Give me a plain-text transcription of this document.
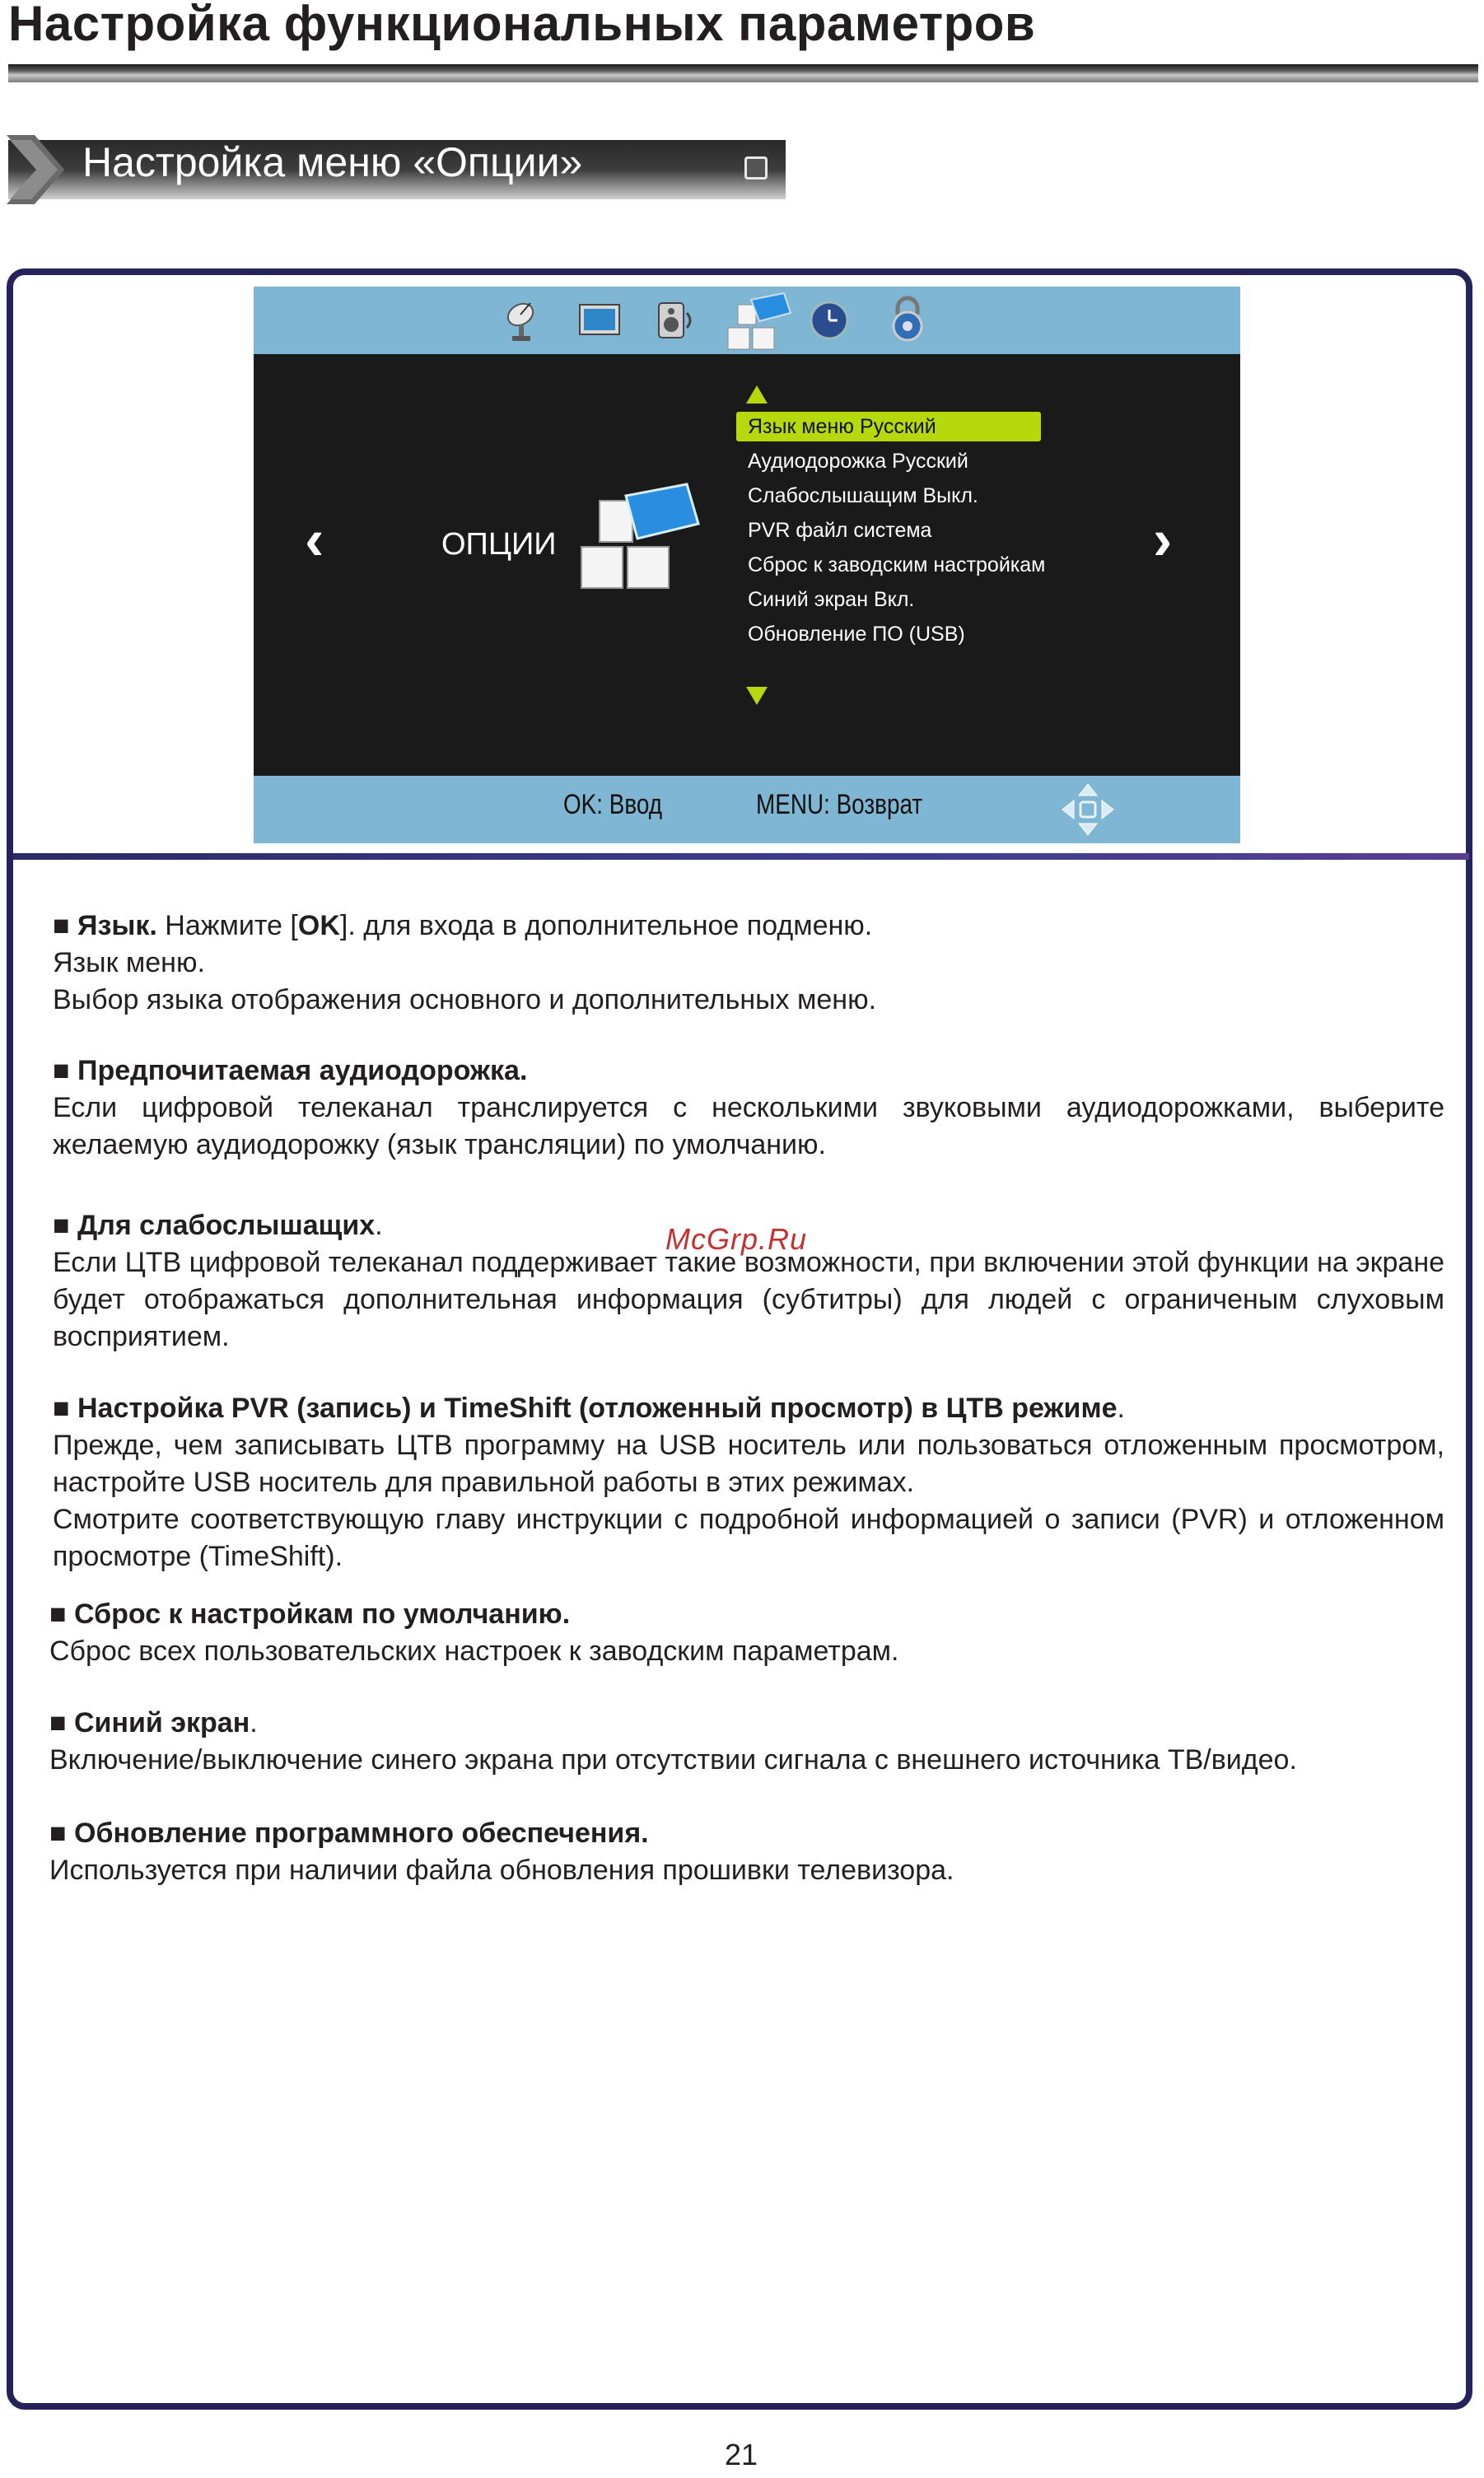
Настройка функциональных параметров
Настройка меню «Опции»
‹	›
ОПЦИИ
Язык меню Русский
Аудиодорожка Русский
Слабослышащим Выкл.
PVR файл система
Сброс к заводским настройкам
Синий экран Вкл.
Обновление ПО (USB)
OK: Ввод	MENU: Возврат
■ Язык. Нажмите [OK]. для входа в дополнительное подменю.
Язык меню.
Выбор языка отображения основного и дополнительных меню.
■ Предпочитаемая аудиодорожка.
Если цифровой телеканал транслируется с несколькими звуковыми аудиодорожками, выберите желаемую аудиодорожку (язык трансляции) по умолчанию.
■ Для слабослышащих.
Если ЦТВ цифровой телеканал поддерживает такие возможности, при включении этой функции на экране будет отображаться дополнительная информация (субтитры) для людей с ограниченым слуховым восприятием.
McGrp.Ru
■ Настройка PVR (запись) и TimeShift (отложенный просмотр) в ЦТВ режиме.
Прежде, чем записывать ЦТВ программу на USB носитель или пользоваться отложенным просмотром, настройте USB носитель для правильной работы в этих режимах.
Смотрите соответствующую главу инструкции с подробной информацией о записи (PVR) и отложенном просмотре (TimeShift).
■ Сброс к настройкам по умолчанию.
Сброс всех пользовательских настроек к заводским параметрам.
■ Синий экран.
Включение/выключение синего экрана при отсутствии сигнала с внешнего источника ТВ/видео.
■ Обновление программного обеспечения.
Используется при наличии файла обновления прошивки телевизора.
21
